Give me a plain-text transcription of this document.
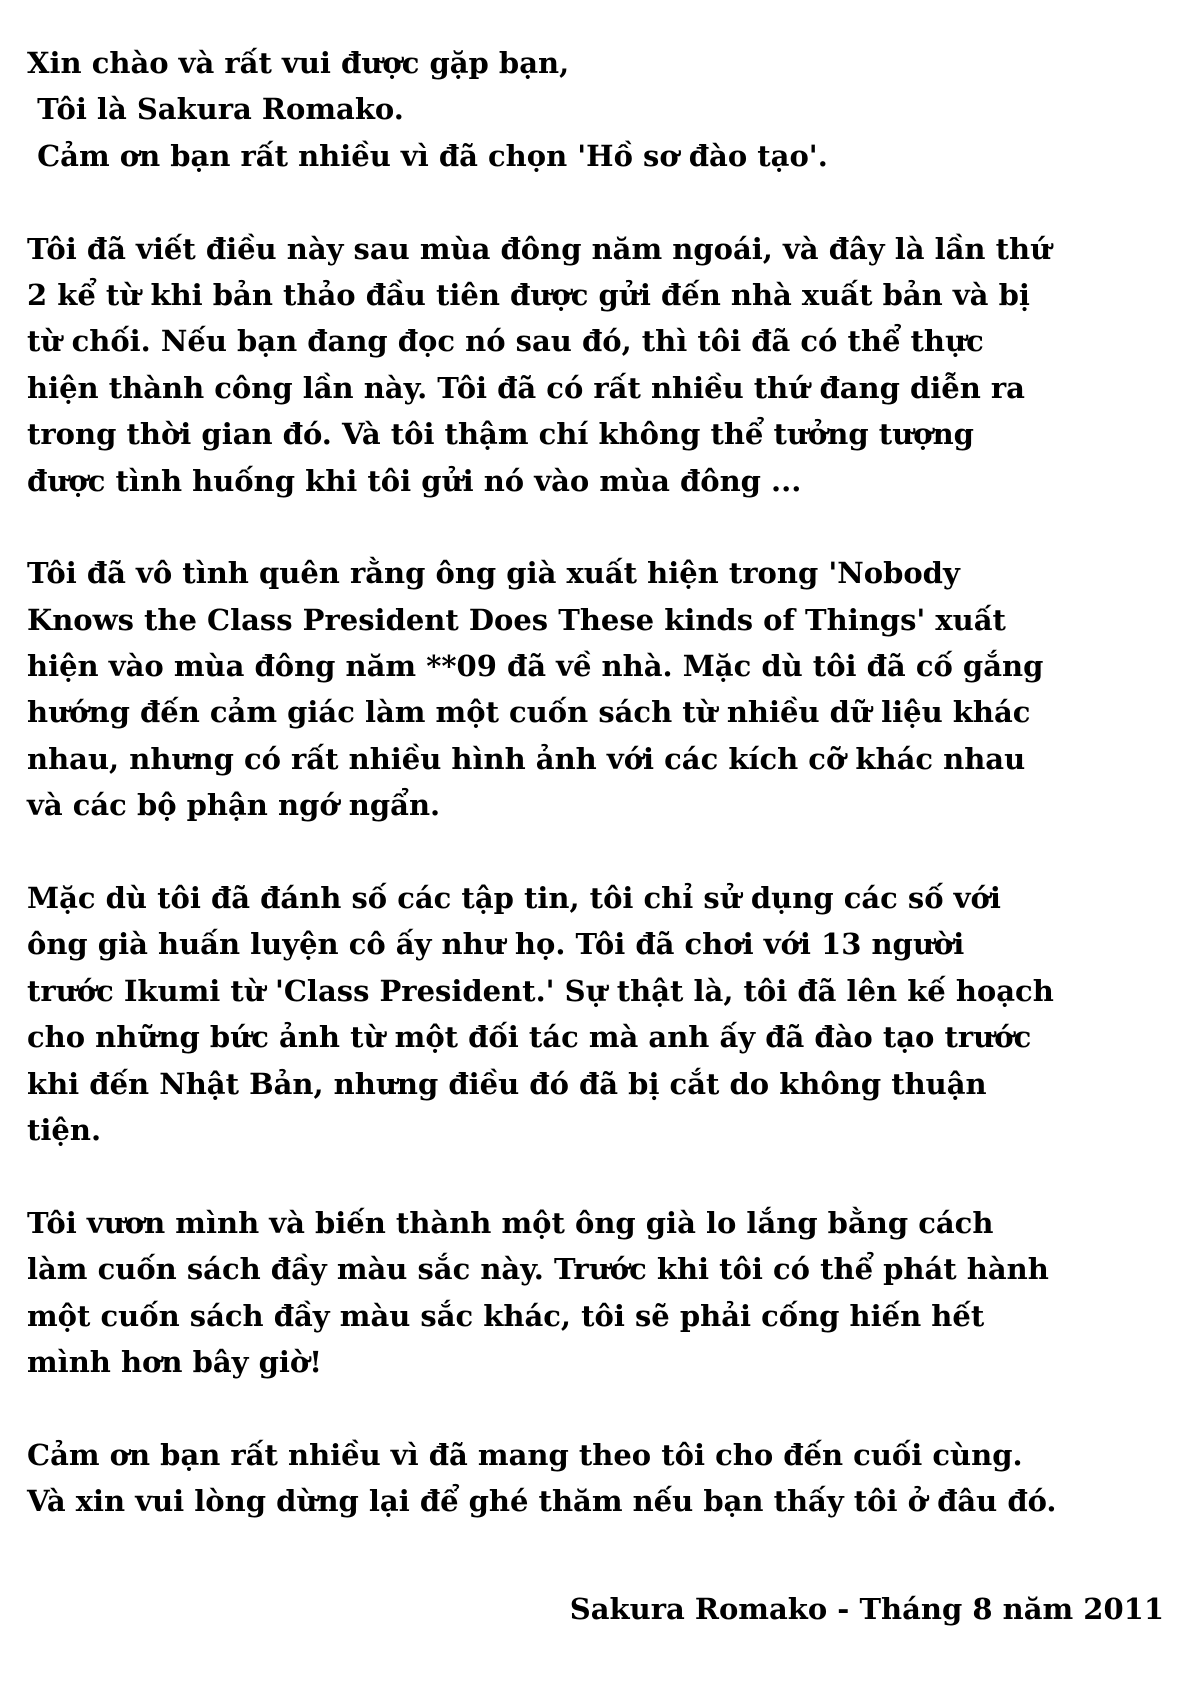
Xin chào và rất vui được gặp bạn,
Tôi là Sakura Romako.
Cảm ơn bạn rất nhiều vì đã chọn 'Hồ sơ đào tạo'.
Tôi đã viết điều này sau mùa đông năm ngoái, và đây là lần thứ
2 kể từ khi bản thảo đầu tiên được gửi đến nhà xuất bản và bị
từ chối. Nếu bạn đang đọc nó sau đó, thì tôi đã có thể thực
hiện thành công lần này. Tôi đã có rất nhiều thứ đang diễn ra
trong thời gian đó. Và tôi thậm chí không thể tưởng tượng
được tình huống khi tôi gửi nó vào mùa đông ...
Tôi đã vô tình quên rằng ông già xuất hiện trong 'Nobody
Knows the Class President Does These kinds of Things' xuất
hiện vào mùa đông năm **09 đã về nhà. Mặc dù tôi đã cố gắng
hướng đến cảm giác làm một cuốn sách từ nhiều dữ liệu khác
nhau, nhưng có rất nhiều hình ảnh với các kích cỡ khác nhau
và các bộ phận ngớ ngẩn.
Mặc dù tôi đã đánh số các tập tin, tôi chỉ sử dụng các số với
ông già huấn luyện cô ấy như họ. Tôi đã chơi với 13 người
trước Ikumi từ 'Class President.' Sự thật là, tôi đã lên kế hoạch
cho những bức ảnh từ một đối tác mà anh ấy đã đào tạo trước
khi đến Nhật Bản, nhưng điều đó đã bị cắt do không thuận
tiện.
Tôi vươn mình và biến thành một ông già lo lắng bằng cách
làm cuốn sách đầy màu sắc này. Trước khi tôi có thể phát hành
một cuốn sách đầy màu sắc khác, tôi sẽ phải cống hiến hết
mình hơn bây giờ!
Cảm ơn bạn rất nhiều vì đã mang theo tôi cho đến cuối cùng.
Và xin vui lòng dừng lại để ghé thăm nếu bạn thấy tôi ở đâu đó.
Sakura Romako - Tháng 8 năm 2011
